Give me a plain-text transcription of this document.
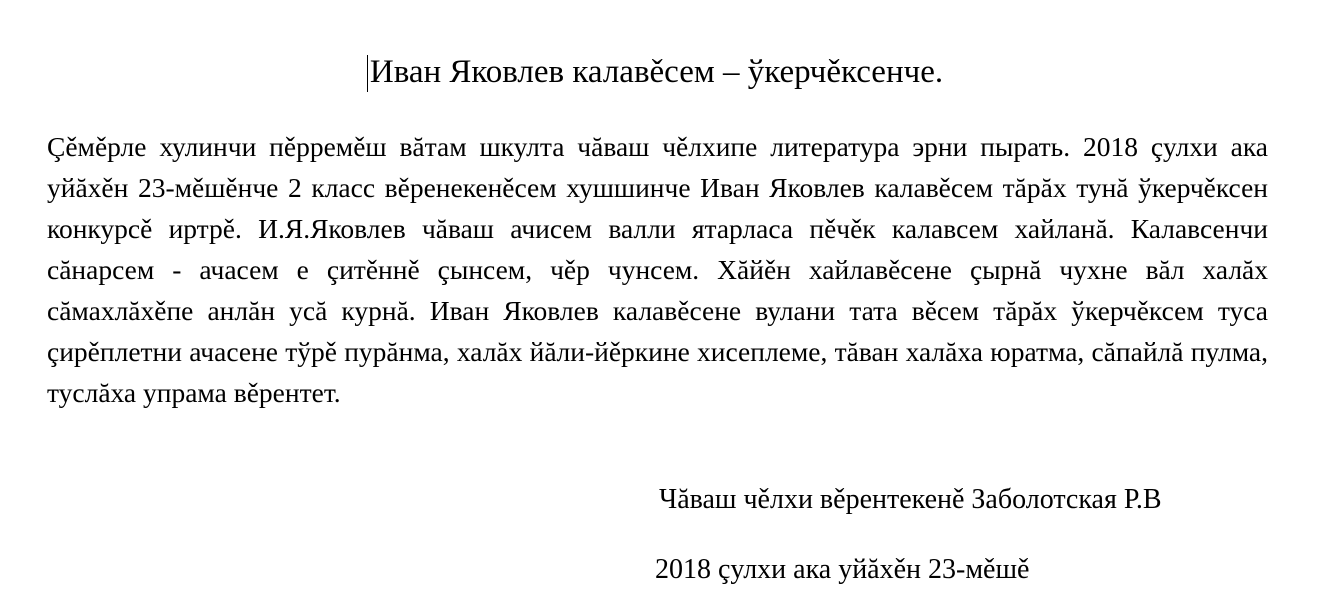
Иван Яковлев калавěсем – ўкерчěксенче.

Çěмěрле хулинчи пěрремěш вăтам шкулта чăваш чěлхипе литература эрни пырать. 2018 çулхи ака уйăхěн 23-мěшěнче 2 класс вěренекенěсем хушшинче Иван Яковлев калавěсем тăрăх тунă ўкерчěксен конкурсě иртрě. И.Я.Яковлев чăваш ачисем валли ятарласа пěчěк калавсем хайланă. Калавсенчи сăнарсем - ачасем е çитěннě çынсем, чěр чунсем. Хăйěн хайлавěсене çырнă чухне вăл халăх сăмахлăхěпе анлăн усă курнă. Иван Яковлев калавěсене вулани тата вěсем тăрăх ўкерчěксем туса çирěплетни ачасене тўрě пурăнма, халăх йăли-йěркине хисеплеме, тăван халăха юратма, сăпайлă пулма, туслăха упрама вěрентет.

Чăваш чěлхи вěрентекенě Заболотская Р.В

2018 çулхи ака уйăхěн 23-мěшě
